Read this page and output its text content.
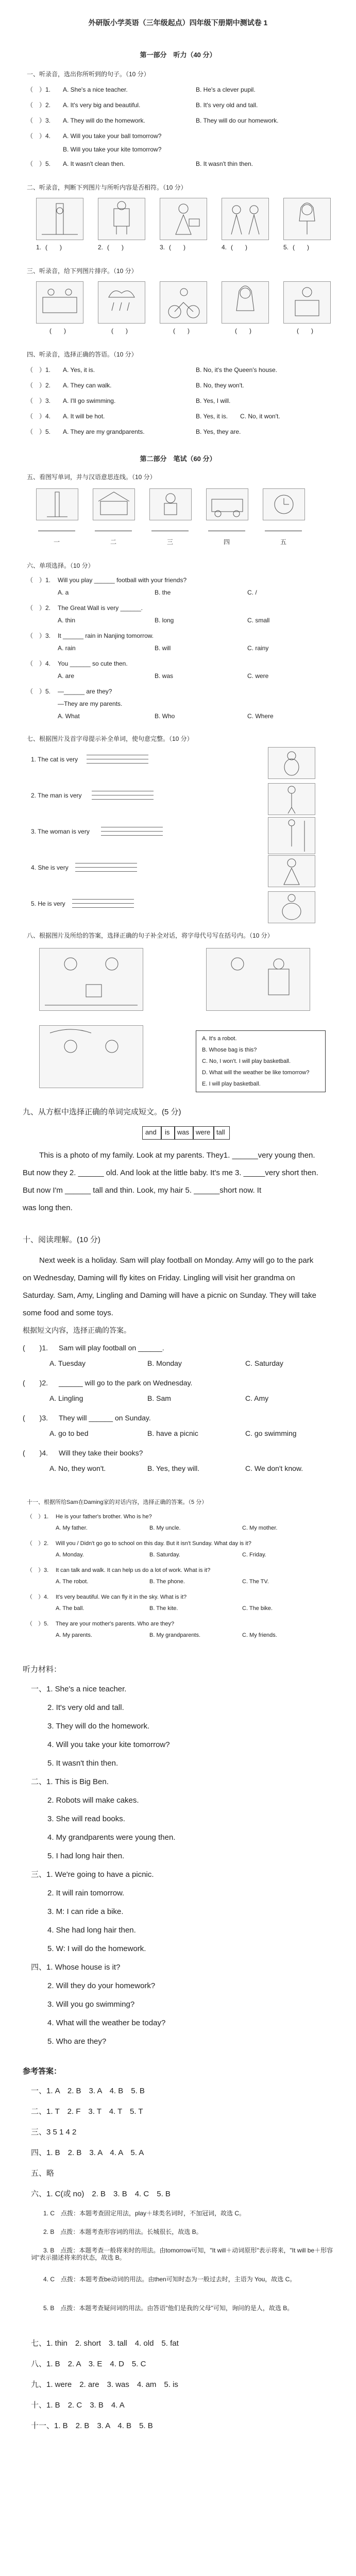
外研版小学英语（三年级起点）四年级下册期中测试卷 1
第一部分　听力（40 分）
一、听录音，选出你所听到的句子。（10 分）
（　）1. A. She's a nice teacher.	B. He's a clever pupil.
（　）2. A. It's very big and beautiful.	B. It's very old and tall.
（　）3. A. They will do the homework.	B. They will do our homework.
（　）4. A. Will you take your ball tomorrow?
B. Will you take your kite tomorrow?
（　）5. A. It wasn't clean then.	B. It wasn't thin then.
二、听录音，判断下列图片与所听内容是否相符。（10 分）
1. (　　)	2. (　　)	3. (　　)	4. (　　)	5. (　　)
三、听录音，给下列图片排序。（10 分）
(　　)	(　　)	(　　)	(　　)	(　　)
四、听录音，选择正确的答语。（10 分）
（　）1. A. Yes, it is.	B. No, it's the Queen's house.
（　）2. A. They can walk.	B. No, they won't.
（　）3. A. I'll go swimming.	B. Yes, I will.
（　）4. A. It will be hot.	B. Yes, it is.　　C. No, it won't.
（　）5. A. They are my grandparents.	B. Yes, they are.
第二部分　笔试（60 分）
五、看图写单词，并与汉语意思连线。（10 分）
一	二	三	四	五
六、单项选择。（10 分）
（　）1. Will you play ______ football with your friends?
A. a	B. the	C. /
（　）2. The Great Wall is very ______.
A. thin	B. long	C. small
（　）3. It ______ rain in Nanjing tomorrow.
A. rain	B. will	C. rainy
（　）4. You ______ so cute then.
A. are	B. was	C. were
（　）5. —______ are they?
—They are my parents.
A. What	B. Who	C. Where
七、根据图片及首字母提示补全单词，使句意完整。（10 分）
1. The cat is very
2. The man is very
3. The woman is very
4. She is very
5. He is very
八、根据图片及所给的答案，选择正确的句子补全对话，将字母代号写在括号内。（10 分）
A. It's a robot.
B. Whose bag is this?
C. No, I won't. I will play basketball.
D. What will the weather be like tomorrow?
E. I will play basketball.
九、从方框中选择正确的单词完成短文。(5 分)
and is was were tall
This is a photo of my family. Look at my parents. They1. ______very young then.
But now they 2. ______ old. And look at the little baby. It's me 3. _____very short then.
But now I'm ______ tall and thin. Look, my hair 5. ______short now. It
was long then.
十、阅读理解。(10 分)
Next week is a holiday. Sam will play football on Monday. Amy will go to the park
on Wednesday, Daming will fly kites on Friday. Lingling will visit her grandma on
Saturday. Sam, Amy, Lingling and Daming will have a picnic on Sunday. They will take
some food and some toys.
根据短文内容，选择正确的答案。
(　　)1. Sam will play football on ______.
A. Tuesday	B. Monday	C. Saturday
(　　)2. ______ will go to the park on Wednesday.
A. Lingling	B. Sam	C. Amy
(　　)3. They will ______ on Sunday.
A. go to bed	B. have a picnic	C. go swimming
(　　)4. Will they take their books?
A. No, they won't.	B. Yes, they will.	C. We don't know.
十一、根据所给Sam在Daming家的对话内容，选择正确的答案。（5 分）
（　）1. He is your father's brother. Who is he?
A. My father.	B. My uncle.	C. My mother.
（　）2. Will you / Didn't go go to school on this day. But it isn't Sunday. What day is it?
A. Monday.	B. Saturday.	C. Friday.
（　）3. It can talk and walk. It can help us do a lot of work. What is it?
A. The robot.	B. The phone.	C. The TV.
（　）4. It's very beautiful. We can fly it in the sky. What is it?
A. The ball.	B. The kite.	C. The bike.
（　）5. They are your mother's parents. Who are they?
A. My parents.	B. My grandparents.	C. My friends.
听力材料：
一、1. She's a nice teacher.
2. It's very old and tall.
3. They will do the homework.
4. Will you take your kite tomorrow?
5. It wasn't thin then.
二、1. This is Big Ben.
2. Robots will make cakes.
3. She will read books.
4. My grandparents were young then.
5. I had long hair then.
三、1. We're going to have a picnic.
2. It will rain tomorrow.
3. M: I can ride a bike.
4. She had long hair then.
5. W: I will do the homework.
四、1. Whose house is it?
2. Will they do your homework?
3. Will you go swimming?
4. What will the weather be today?
5. Who are they?
参考答案：
一、1. A　2. B　3. A　4. B　5. B
二、1. T　2. F　3. T　4. T　5. T
三、3 5 1 4 2
四、1. B　2. B　3. A　4. A　5. A
五、略
六、1. C(或 no)　2. B　3. B　4. C　5. B
　　1. C　点拨：本题考查固定用法，play＋球类名词时，不加冠词，故选 C。
　　2. B　点拨：本题考查形容词的用法。长城很长，故选 B。
　　3. B　点拨：本题考查一般将来时的用法。由tomorrow可知，"It will＋动词原形"表示将来，"It will be＋形容词"表示描述将来的状态，故选 B。
　　4. C　点拨：本题考查be动词的用法。由then可知时态为一般过去时，主语为 You，故选 C。
　　5. B　点拨：本题考查疑问词的用法。由答语"他们是我的父母"可知，询问的是人，故选 B。
七、1. thin　2. short　3. tall　4. old　5. fat
八、1. B　2. A　3. E　4. D　5. C
九、1. were　2. are　3. was　4. am　5. is
十、1. B　2. C　3. B　4. A
十一、1. B　2. B　3. A　4. B　5. B
